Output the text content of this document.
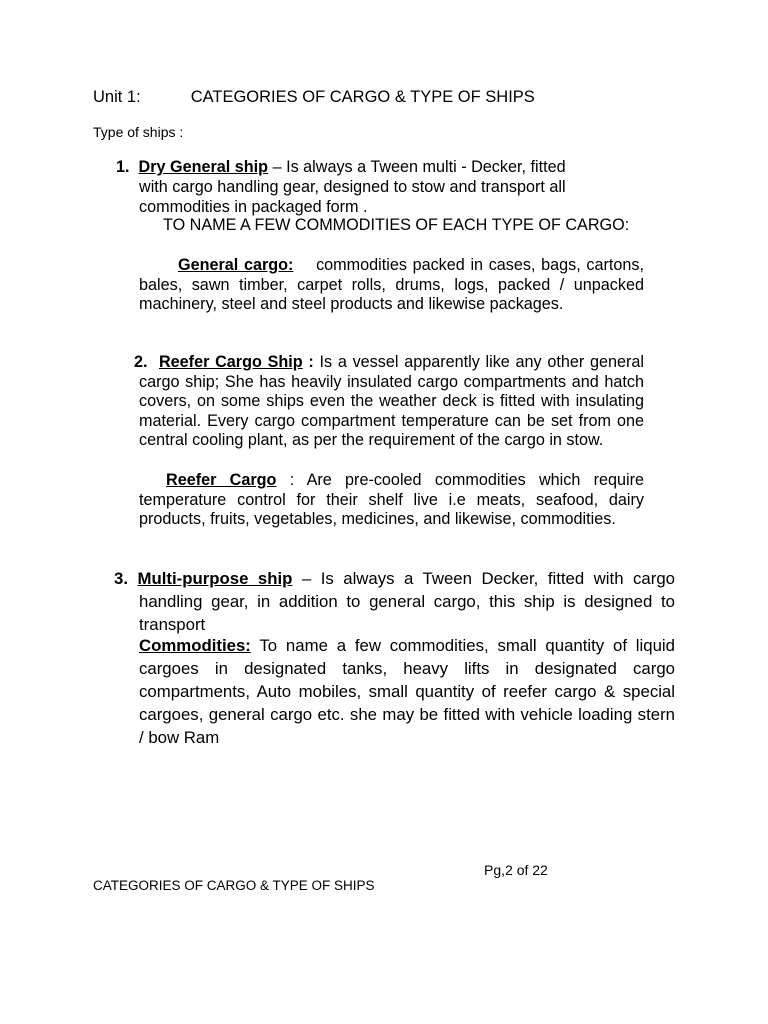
Unit 1:	CATEGORIES OF CARGO & TYPE OF SHIPS
Type of ships :
1. Dry General ship – Is always a Tween multi - Decker, fitted
with cargo handling gear, designed to stow and transport all commodities in packaged form .
TO NAME A FEW COMMODITIES OF EACH TYPE OF CARGO:
General cargo: commodities packed in cases, bags, cartons, bales, sawn timber, carpet rolls, drums, logs, packed / unpacked machinery, steel and steel products and likewise packages.
2. Reefer Cargo Ship : Is a vessel apparently like any other general cargo ship; She has heavily insulated cargo compartments and hatch covers, on some ships even the weather deck is fitted with insulating material. Every cargo compartment temperature can be set from one central cooling plant, as per the requirement of the cargo in stow.
Reefer Cargo : Are pre-cooled commodities which require temperature control for their shelf live i.e meats, seafood, dairy products, fruits, vegetables, medicines, and likewise, commodities.
3. Multi-purpose ship – Is always a Tween Decker, fitted with cargo handling gear, in addition to general cargo, this ship is designed to transport
Commodities: To name a few commodities, small quantity of liquid cargoes in designated tanks, heavy lifts in designated cargo compartments, Auto mobiles, small quantity of reefer cargo & special cargoes, general cargo etc. she may be fitted with vehicle loading stern / bow Ram
Pg,2 of 22
CATEGORIES OF CARGO & TYPE OF SHIPS
